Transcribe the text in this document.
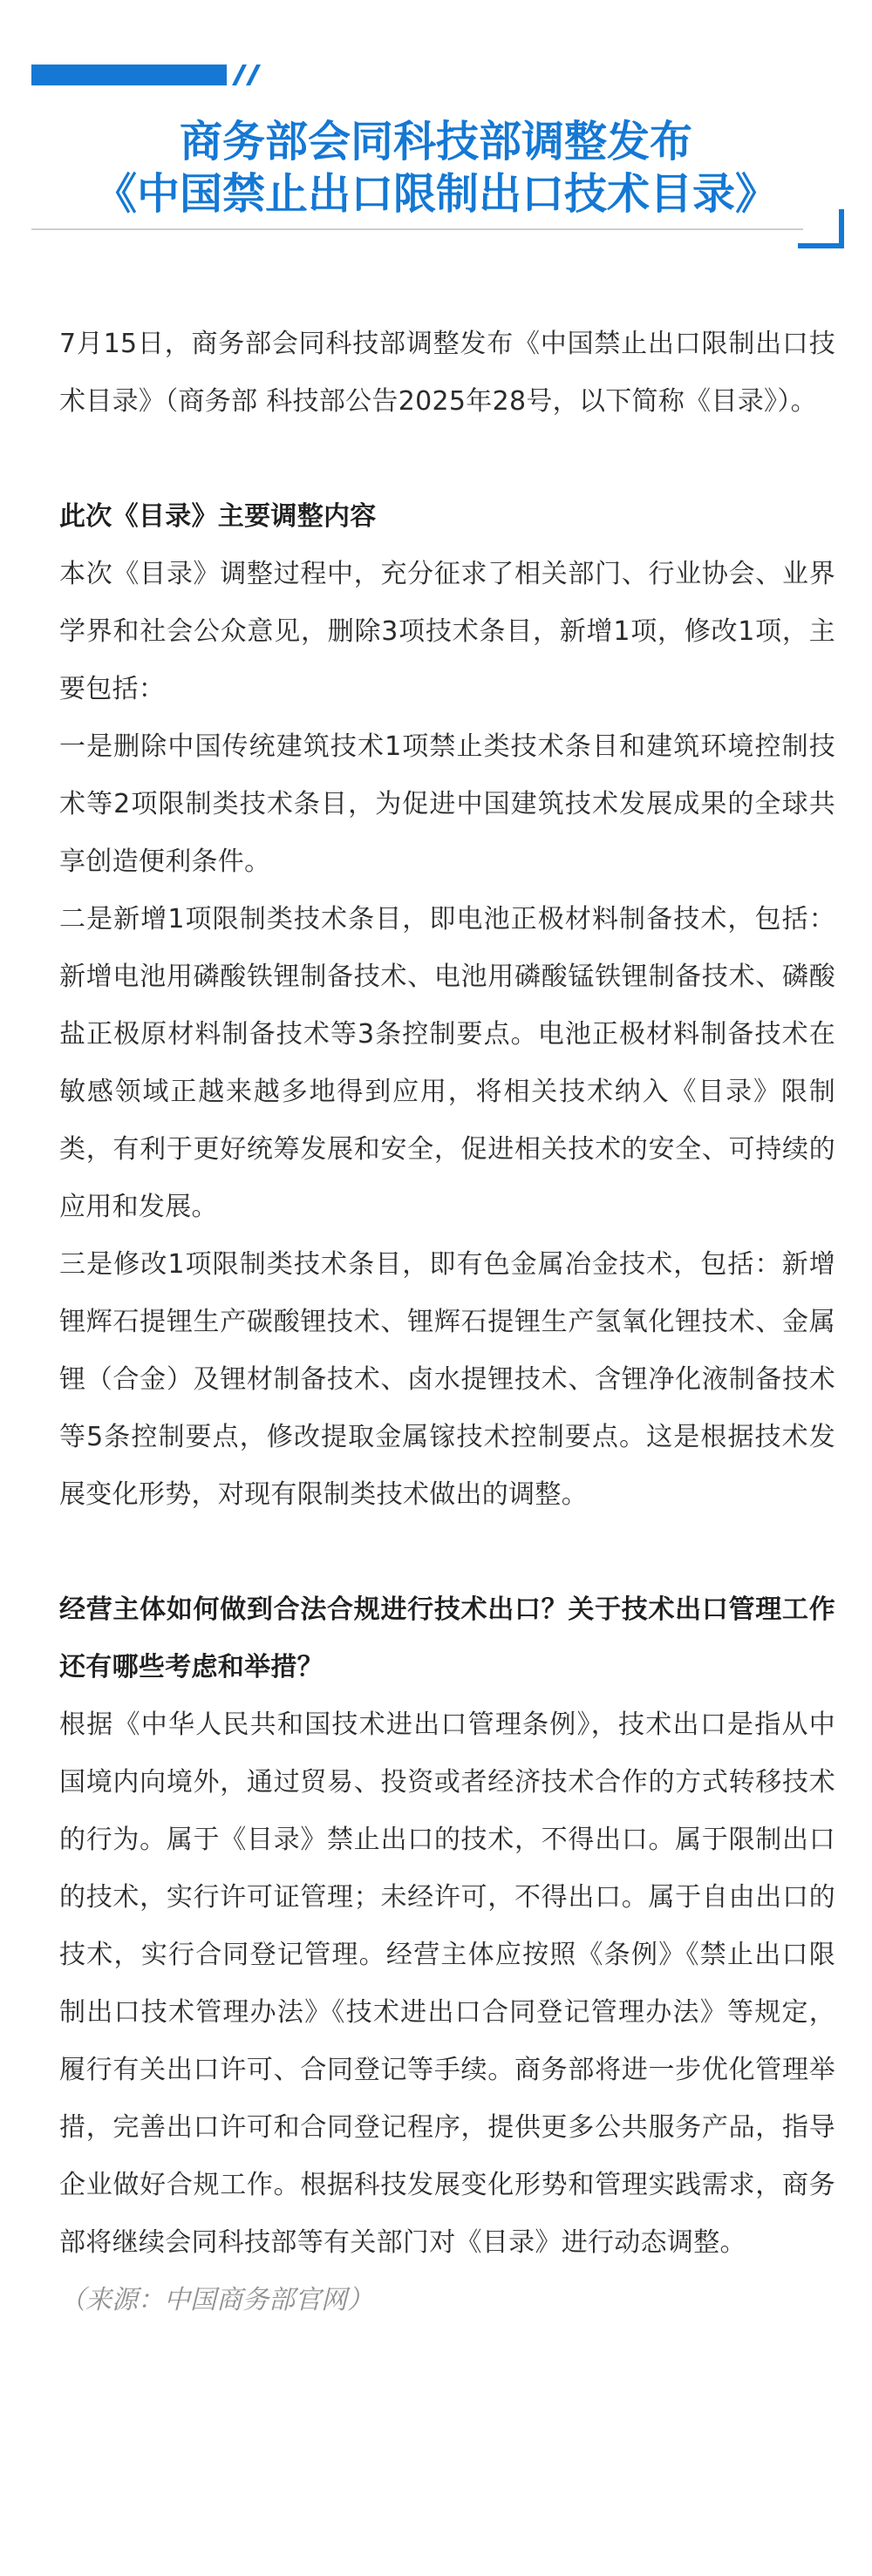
商务部会同科技部调整发布
《中国禁止出口限制出口技术目录》

7月15日，商务部会同科技部调整发布《中国禁止出口限制出口技术目录》（商务部 科技部公告2025年28号，以下简称《目录》）。

此次《目录》主要调整内容

本次《目录》调整过程中，充分征求了相关部门、行业协会、业界学界和社会公众意见，删除3项技术条目，新增1项，修改1项，主要包括：

一是删除中国传统建筑技术1项禁止类技术条目和建筑环境控制技术等2项限制类技术条目，为促进中国建筑技术发展成果的全球共享创造便利条件。

二是新增1项限制类技术条目，即电池正极材料制备技术，包括：新增电池用磷酸铁锂制备技术、电池用磷酸锰铁锂制备技术、磷酸盐正极原材料制备技术等3条控制要点。电池正极材料制备技术在敏感领域正越来越多地得到应用，将相关技术纳入《目录》限制类，有利于更好统筹发展和安全，促进相关技术的安全、可持续的应用和发展。

三是修改1项限制类技术条目，即有色金属冶金技术，包括：新增锂辉石提锂生产碳酸锂技术、锂辉石提锂生产氢氧化锂技术、金属锂（合金）及锂材制备技术、卤水提锂技术、含锂净化液制备技术等5条控制要点，修改提取金属镓技术控制要点。这是根据技术发展变化形势，对现有限制类技术做出的调整。

经营主体如何做到合法合规进行技术出口？关于技术出口管理工作还有哪些考虑和举措？

根据《中华人民共和国技术进出口管理条例》，技术出口是指从中国境内向境外，通过贸易、投资或者经济技术合作的方式转移技术的行为。属于《目录》禁止出口的技术，不得出口。属于限制出口的技术，实行许可证管理；未经许可，不得出口。属于自由出口的技术，实行合同登记管理。经营主体应按照《条例》《禁止出口限制出口技术管理办法》《技术进出口合同登记管理办法》等规定，履行有关出口许可、合同登记等手续。商务部将进一步优化管理举措，完善出口许可和合同登记程序，提供更多公共服务产品，指导企业做好合规工作。根据科技发展变化形势和管理实践需求，商务部将继续会同科技部等有关部门对《目录》进行动态调整。

（来源：中国商务部官网）
